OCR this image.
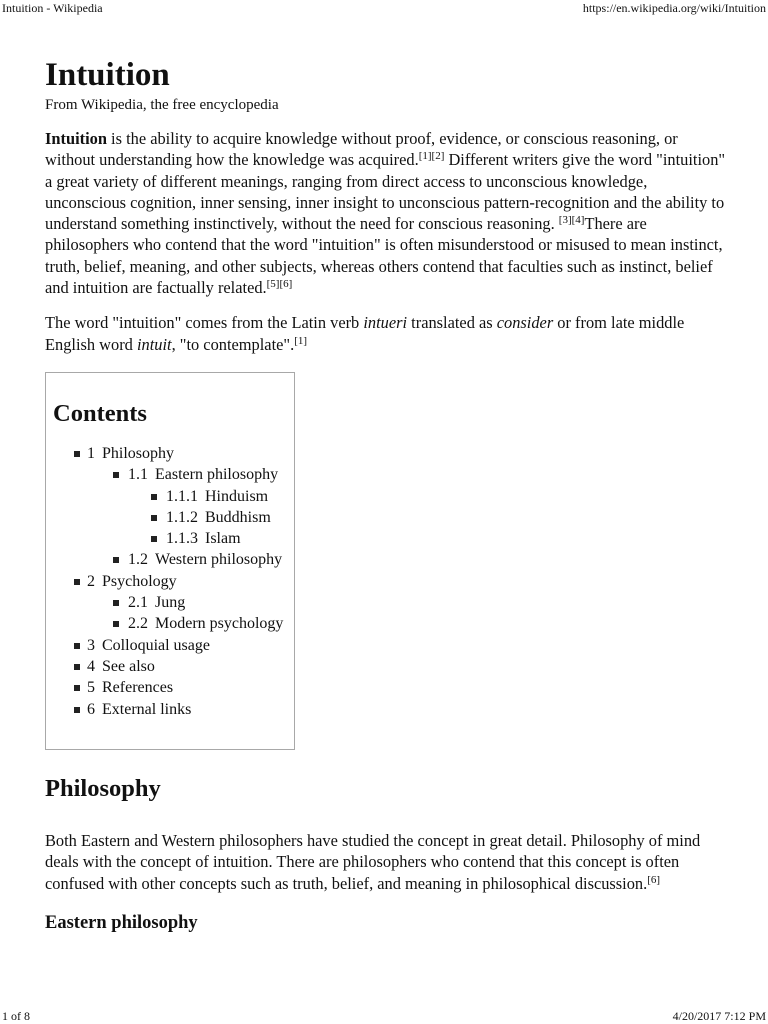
Intuition - Wikipedia	https://en.wikipedia.org/wiki/Intuition
Intuition
From Wikipedia, the free encyclopedia

Intuition is the ability to acquire knowledge without proof, evidence, or conscious reasoning, or without understanding how the knowledge was acquired.[1][2] Different writers give the word "intuition" a great variety of different meanings, ranging from direct access to unconscious knowledge, unconscious cognition, inner sensing, inner insight to unconscious pattern-recognition and the ability to understand something instinctively, without the need for conscious reasoning. [3][4]There are philosophers who contend that the word "intuition" is often misunderstood or misused to mean instinct, truth, belief, meaning, and other subjects, whereas others contend that faculties such as instinct, belief and intuition are factually related.[5][6]

The word "intuition" comes from the Latin verb intueri translated as consider or from late middle English word intuit, "to contemplate".[1]

Contents
1 Philosophy
1.1 Eastern philosophy
1.1.1 Hinduism
1.1.2 Buddhism
1.1.3 Islam
1.2 Western philosophy
2 Psychology
2.1 Jung
2.2 Modern psychology
3 Colloquial usage
4 See also
5 References
6 External links
Philosophy

Both Eastern and Western philosophers have studied the concept in great detail. Philosophy of mind deals with the concept of intuition. There are philosophers who contend that this concept is often confused with other concepts such as truth, belief, and meaning in philosophical discussion.[6]

Eastern philosophy
1 of 8	4/20/2017 7:12 PM
